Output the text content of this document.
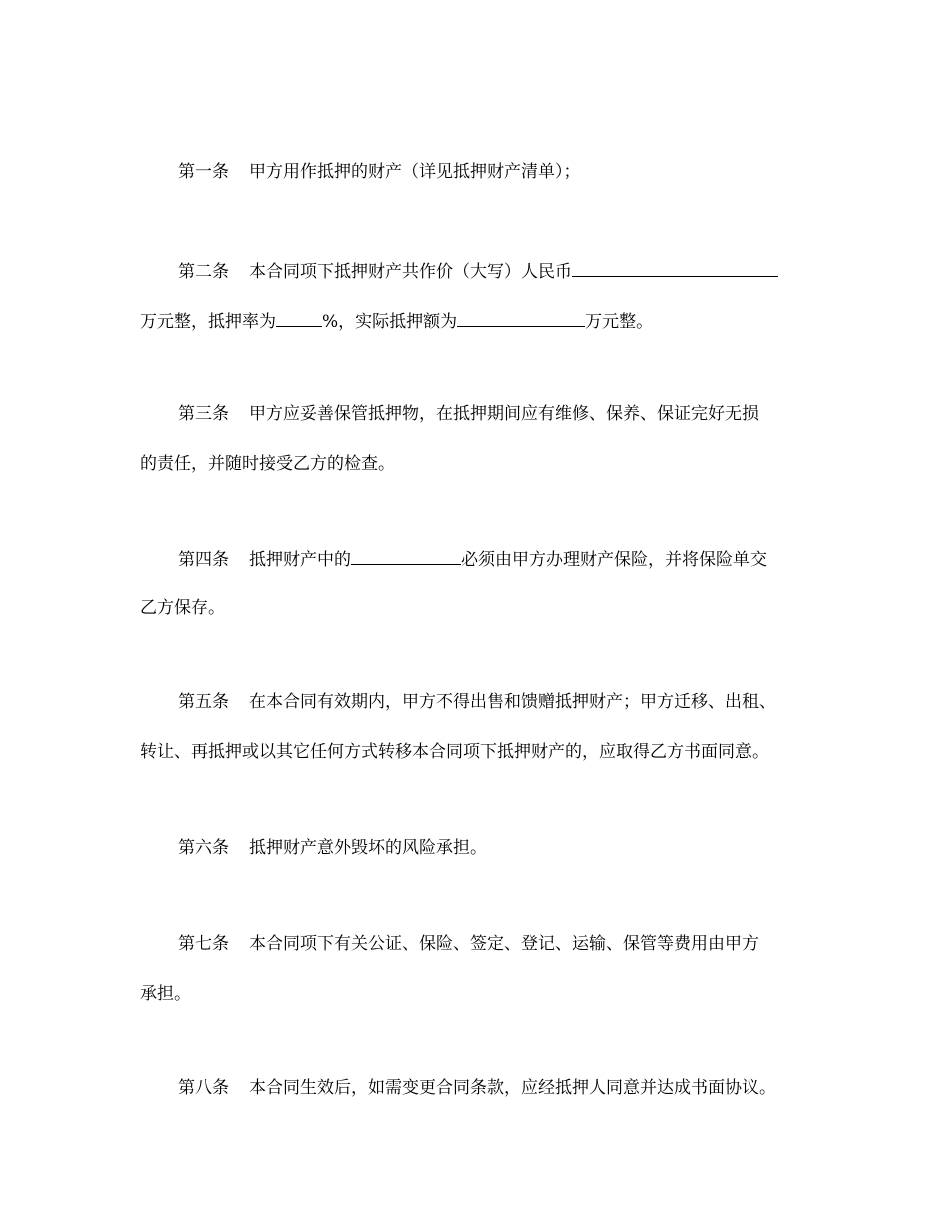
第一条 甲方用作抵押的财产（详见抵押财产清单）；
第二条 本合同项下抵押财产共作价（大写）人民币
万元整，抵押率为	%，实际抵押额为	万元整。
第三条 甲方应妥善保管抵押物，在抵押期间应有维修、保养、保证完好无损
的责任，并随时接受乙方的检查。
第四条 抵押财产中的	必须由甲方办理财产保险，并将保险单交
乙方保存。
第五条 在本合同有效期内，甲方不得出售和馈赠抵押财产；甲方迁移、出租、
转让、再抵押或以其它任何方式转移本合同项下抵押财产的，应取得乙方书面同意。
第六条 抵押财产意外毁坏的风险承担。
第七条 本合同项下有关公证、保险、签定、登记、运输、保管等费用由甲方
承担。
第八条 本合同生效后，如需变更合同条款，应经抵押人同意并达成书面协议。
